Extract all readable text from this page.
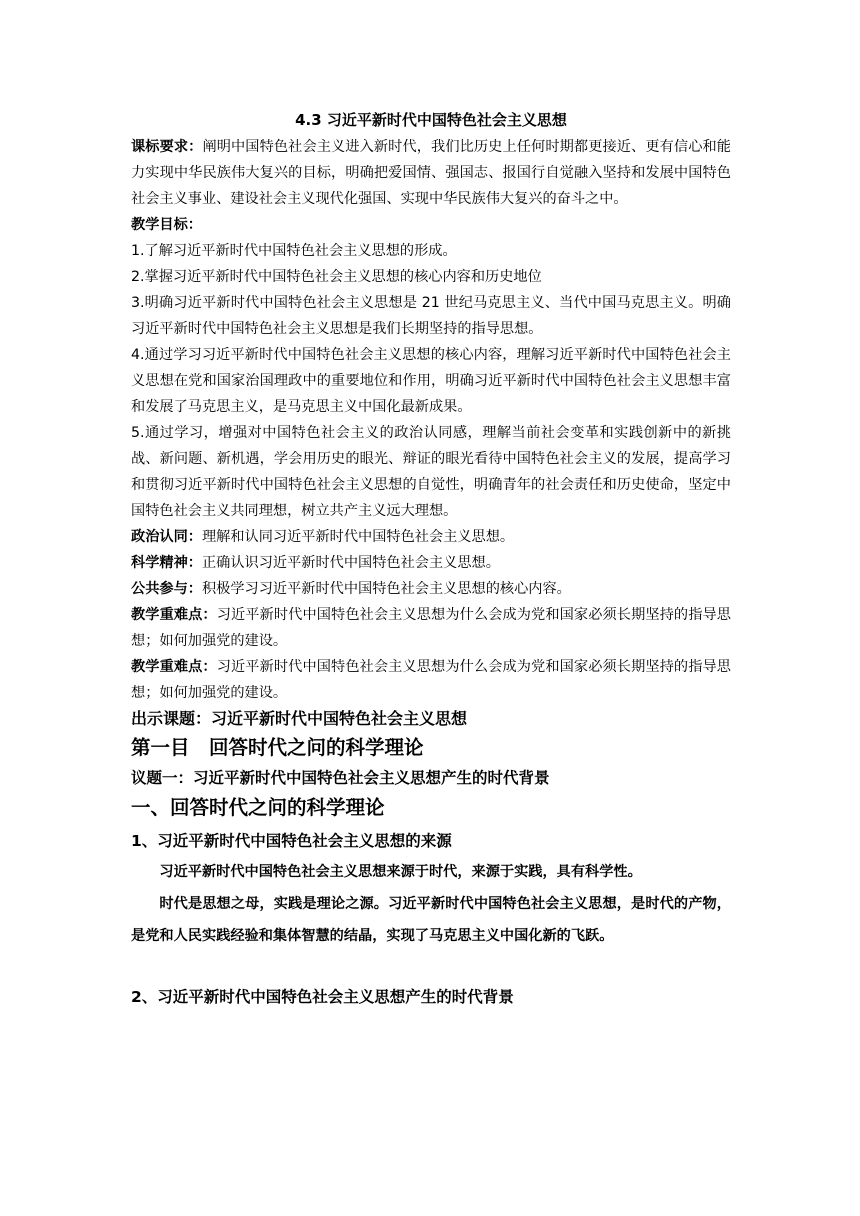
4.3 习近平新时代中国特色社会主义思想

课标要求：阐明中国特色社会主义进入新时代，我们比历史上任何时期都更接近、更有信心和能力实现中华民族伟大复兴的目标，明确把爱国情、强国志、报国行自觉融入坚持和发展中国特色社会主义事业、建设社会主义现代化强国、实现中华民族伟大复兴的奋斗之中。

教学目标：

1.了解习近平新时代中国特色社会主义思想的形成。

2.掌握习近平新时代中国特色社会主义思想的核心内容和历史地位

3.明确习近平新时代中国特色社会主义思想是 21 世纪马克思主义、当代中国马克思主义。明确习近平新时代中国特色社会主义思想是我们长期坚持的指导思想。

4.通过学习习近平新时代中国特色社会主义思想的核心内容，理解习近平新时代中国特色社会主义思想在党和国家治国理政中的重要地位和作用，明确习近平新时代中国特色社会主义思想丰富和发展了马克思主义，是马克思主义中国化最新成果。

5.通过学习，增强对中国特色社会主义的政治认同感，理解当前社会变革和实践创新中的新挑战、新问题、新机遇，学会用历史的眼光、辩证的眼光看待中国特色社会主义的发展，提高学习和贯彻习近平新时代中国特色社会主义思想的自觉性，明确青年的社会责任和历史使命，坚定中国特色社会主义共同理想，树立共产主义远大理想。

政治认同：理解和认同习近平新时代中国特色社会主义思想。

科学精神：正确认识习近平新时代中国特色社会主义思想。

公共参与：积极学习习近平新时代中国特色社会主义思想的核心内容。

教学重难点：习近平新时代中国特色社会主义思想为什么会成为党和国家必须长期坚持的指导思想；如何加强党的建设。

教学重难点：习近平新时代中国特色社会主义思想为什么会成为党和国家必须长期坚持的指导思想；如何加强党的建设。

出示课题：习近平新时代中国特色社会主义思想

第一目　回答时代之问的科学理论

议题一：习近平新时代中国特色社会主义思想产生的时代背景

一、回答时代之问的科学理论

1、习近平新时代中国特色社会主义思想的来源

习近平新时代中国特色社会主义思想来源于时代，来源于实践，具有科学性。

时代是思想之母，实践是理论之源。习近平新时代中国特色社会主义思想，是时代的产物，是党和人民实践经验和集体智慧的结晶，实现了马克思主义中国化新的飞跃。

2、习近平新时代中国特色社会主义思想产生的时代背景
